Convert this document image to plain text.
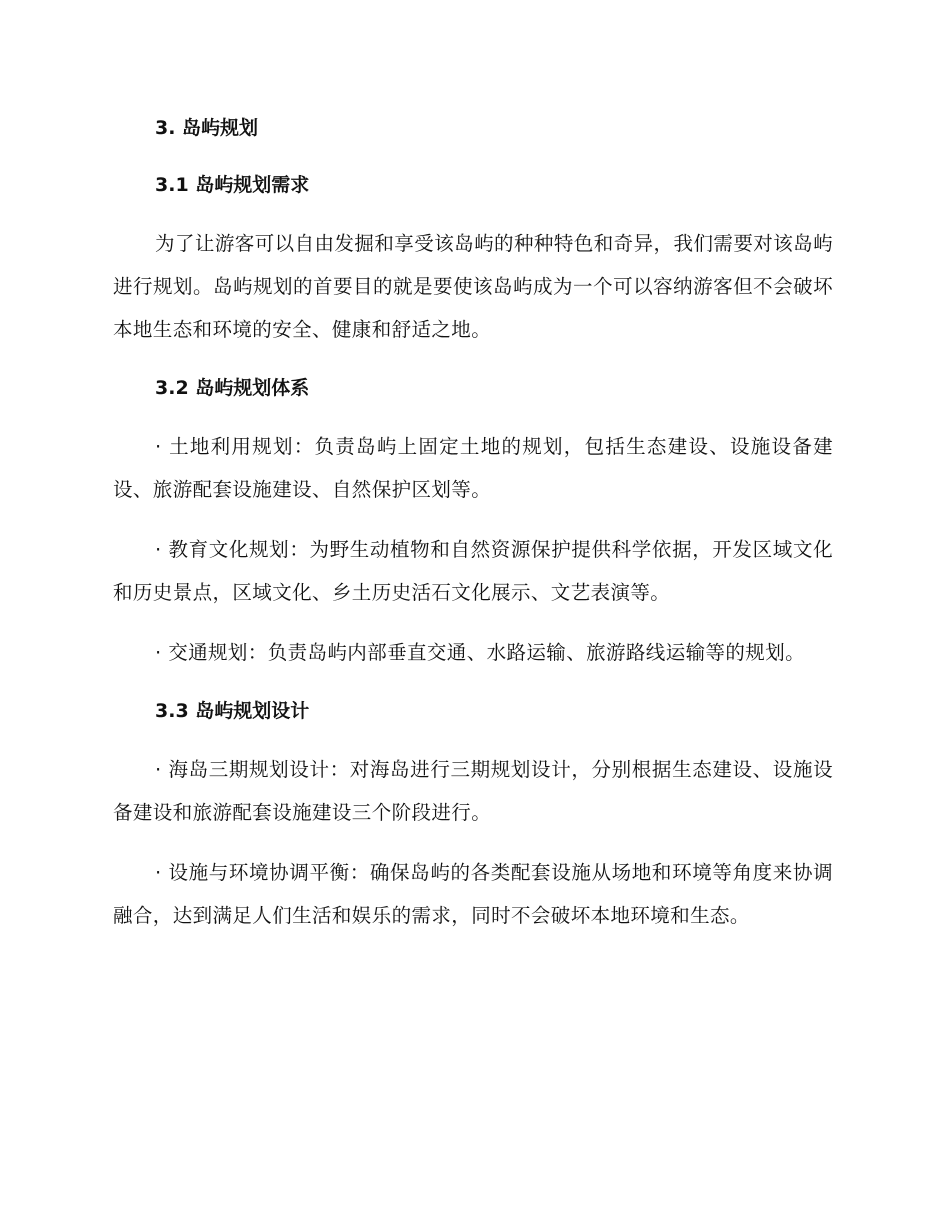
3. 岛屿规划
3.1 岛屿规划需求

为了让游客可以自由发掘和享受该岛屿的种种特色和奇异，我们需要对该岛屿进行规划。岛屿规划的首要目的就是要使该岛屿成为一个可以容纳游客但不会破坏本地生态和环境的安全、健康和舒适之地。

3.2 岛屿规划体系

· 土地利用规划：负责岛屿上固定土地的规划，包括生态建设、设施设备建设、旅游配套设施建设、自然保护区划等。

· 教育文化规划：为野生动植物和自然资源保护提供科学依据，开发区域文化和历史景点，区域文化、乡土历史活石文化展示、文艺表演等。

· 交通规划：负责岛屿内部垂直交通、水路运输、旅游路线运输等的规划。

3.3 岛屿规划设计

· 海岛三期规划设计：对海岛进行三期规划设计，分别根据生态建设、设施设备建设和旅游配套设施建设三个阶段进行。

· 设施与环境协调平衡：确保岛屿的各类配套设施从场地和环境等角度来协调融合，达到满足人们生活和娱乐的需求，同时不会破坏本地环境和生态。
